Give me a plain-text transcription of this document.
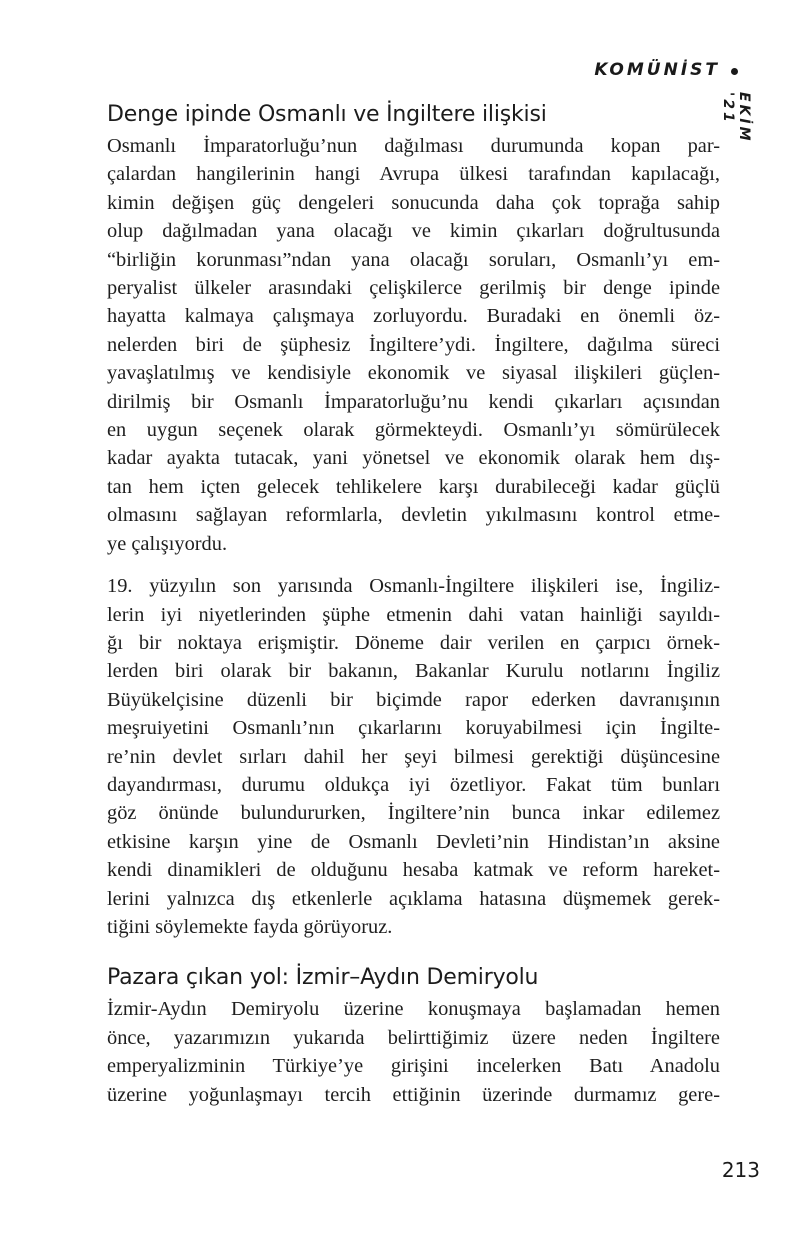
KOMÜNİST
EKİM '21
Denge ipinde Osmanlı ve İngiltere ilişkisi

Osmanlı İmparatorluğu’nun dağılması durumunda kopan par-
çalardan hangilerinin hangi Avrupa ülkesi tarafından kapılacağı,
kimin değişen güç dengeleri sonucunda daha çok toprağa sahip
olup dağılmadan yana olacağı ve kimin çıkarları doğrultusunda
“birliğin korunması”ndan yana olacağı soruları, Osmanlı’yı em-
peryalist ülkeler arasındaki çelişkilerce gerilmiş bir denge ipinde
hayatta kalmaya çalışmaya zorluyordu. Buradaki en önemli öz-
nelerden biri de şüphesiz İngiltere’ydi. İngiltere, dağılma süreci
yavaşlatılmış ve kendisiyle ekonomik ve siyasal ilişkileri güçlen-
dirilmiş bir Osmanlı İmparatorluğu’nu kendi çıkarları açısından
en uygun seçenek olarak görmekteydi. Osmanlı’yı sömürülecek
kadar ayakta tutacak, yani yönetsel ve ekonomik olarak hem dış-
tan hem içten gelecek tehlikelere karşı durabileceği kadar güçlü
olmasını sağlayan reformlarla, devletin yıkılmasını kontrol etme-
ye çalışıyordu.

19. yüzyılın son yarısında Osmanlı-İngiltere ilişkileri ise, İngiliz-
lerin iyi niyetlerinden şüphe etmenin dahi vatan hainliği sayıldı-
ğı bir noktaya erişmiştir. Döneme dair verilen en çarpıcı örnek-
lerden biri olarak bir bakanın, Bakanlar Kurulu notlarını İngiliz
Büyükelçisine düzenli bir biçimde rapor ederken davranışının
meşruiyetini Osmanlı’nın çıkarlarını koruyabilmesi için İngilte-
re’nin devlet sırları dahil her şeyi bilmesi gerektiği düşüncesine
dayandırması, durumu oldukça iyi özetliyor. Fakat tüm bunları
göz önünde bulundururken, İngiltere’nin bunca inkar edilemez
etkisine karşın yine de Osmanlı Devleti’nin Hindistan’ın aksine
kendi dinamikleri de olduğunu hesaba katmak ve reform hareket-
lerini yalnızca dış etkenlerle açıklama hatasına düşmemek gerek-
tiğini söylemekte fayda görüyoruz.

Pazara çıkan yol: İzmir–Aydın Demiryolu

İzmir-Aydın Demiryolu üzerine konuşmaya başlamadan hemen
önce, yazarımızın yukarıda belirttiğimiz üzere neden İngiltere
emperyalizminin Türkiye’ye girişini incelerken Batı Anadolu
üzerine yoğunlaşmayı tercih ettiğinin üzerinde durmamız gere-

213
